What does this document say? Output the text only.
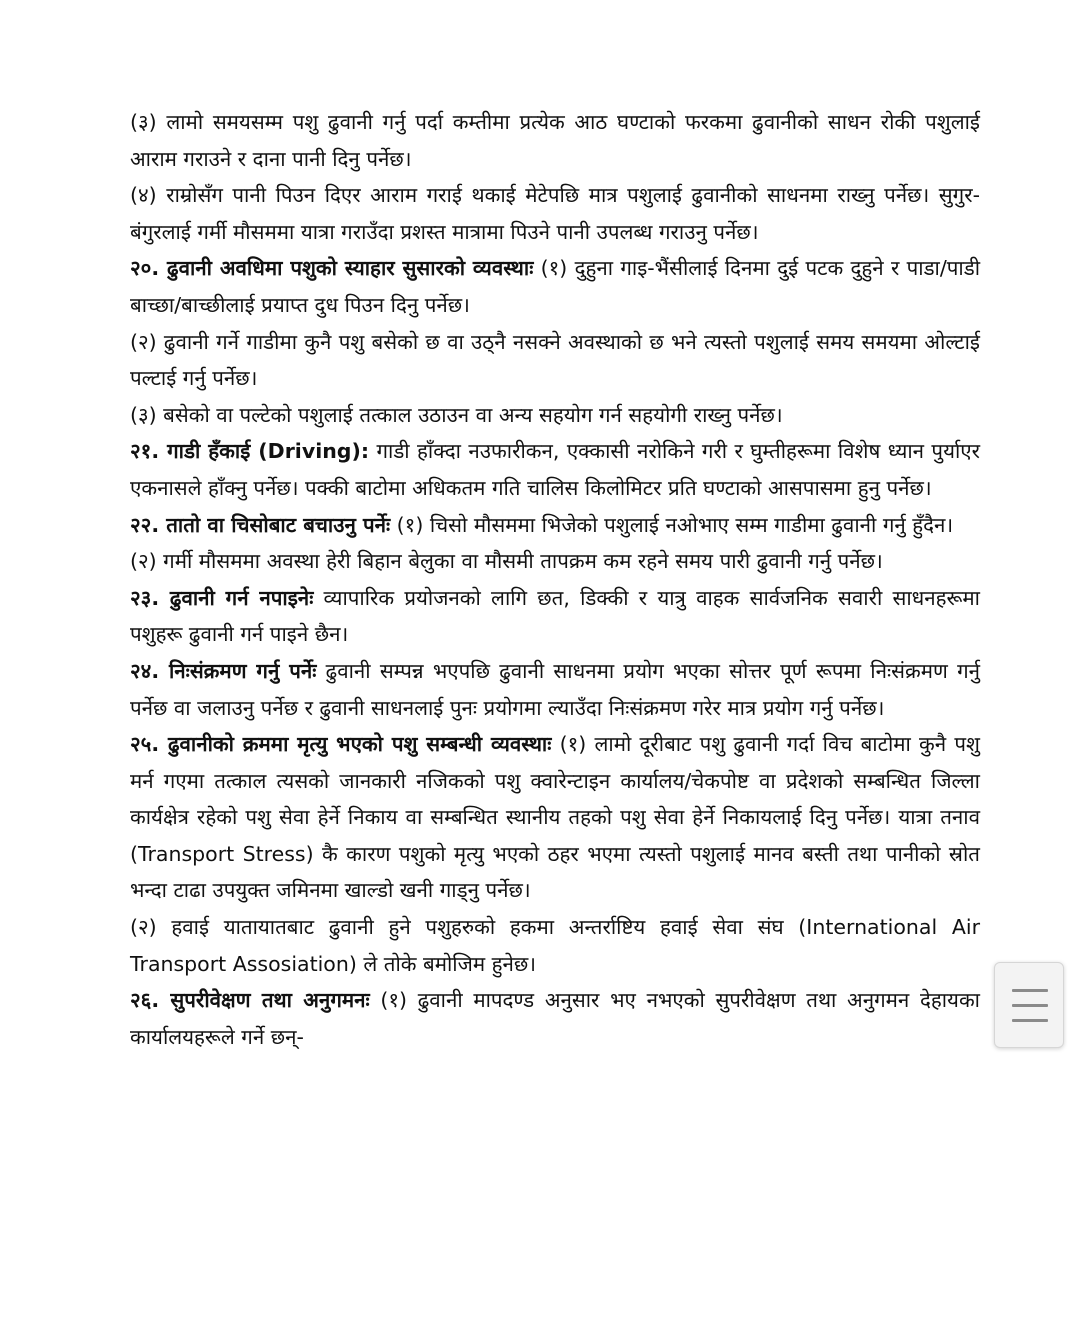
(३) लामो समयसम्म पशु ढुवानी गर्नु पर्दा कम्तीमा प्रत्येक आठ घण्टाको फरकमा ढुवानीको साधन रोकी पशुलाई आराम गराउने र दाना पानी दिनु पर्नेछ।

(४) राम्रोसँग पानी पिउन दिएर आराम गराई थकाई मेटेपछि मात्र पशुलाई ढुवानीको साधनमा राख्नु पर्नेछ। सुगुर-बंगुरलाई गर्मी मौसममा यात्रा गराउँदा प्रशस्त मात्रामा पिउने पानी उपलब्ध गराउनु पर्नेछ।

२०. ढुवानी अवधिमा पशुको स्याहार सुसारको व्यवस्थाः (१) दुहुना गाइ-भैंसीलाई दिनमा दुई पटक दुहुने र पाडा/पाडी बाच्छा/बाच्छीलाई प्रयाप्त दुध पिउन दिनु पर्नेछ।

(२) ढुवानी गर्ने गाडीमा कुनै पशु बसेको छ वा उठ्नै नसक्ने अवस्थाको छ भने त्यस्तो पशुलाई समय समयमा ओल्टाई पल्टाई गर्नु पर्नेछ।

(३) बसेको वा पल्टेको पशुलाई तत्काल उठाउन वा अन्य सहयोग गर्न सहयोगी राख्नु पर्नेछ।

२१. गाडी हँकाई (Driving): गाडी हाँक्दा नउफारीकन, एक्कासी नरोकिने गरी र घुम्तीहरूमा विशेष ध्यान पुर्याएर एकनासले हाँक्नु पर्नेछ। पक्की बाटोमा अधिकतम गति चालिस किलोमिटर प्रति घण्टाको आसपासमा हुनु पर्नेछ।

२२. तातो वा चिसोबाट बचाउनु पर्नेः (१) चिसो मौसममा भिजेको पशुलाई नओभाए सम्म गाडीमा ढुवानी गर्नु हुँदैन।

(२) गर्मी मौसममा अवस्था हेरी बिहान बेलुका वा मौसमी तापक्रम कम रहने समय पारी ढुवानी गर्नु पर्नेछ।

२३. ढुवानी गर्न नपाइनेः व्यापारिक प्रयोजनको लागि छत, डिक्की र यात्रु वाहक सार्वजनिक सवारी साधनहरूमा पशुहरू ढुवानी गर्न पाइने छैन।

२४. निःसंक्रमण गर्नु पर्नेः ढुवानी सम्पन्न भएपछि ढुवानी साधनमा प्रयोग भएका सोत्तर पूर्ण रूपमा निःसंक्रमण गर्नु पर्नेछ वा जलाउनु पर्नेछ र ढुवानी साधनलाई पुनः प्रयोगमा ल्याउँदा निःसंक्रमण गरेर मात्र प्रयोग गर्नु पर्नेछ।

२५. ढुवानीको क्रममा मृत्यु भएको पशु सम्बन्धी व्यवस्थाः (१) लामो दूरीबाट पशु ढुवानी गर्दा विच बाटोमा कुनै पशु मर्न गएमा तत्काल त्यसको जानकारी नजिकको पशु क्वारेन्टाइन कार्यालय/चेकपोष्ट वा प्रदेशको सम्बन्धित जिल्ला कार्यक्षेत्र रहेको पशु सेवा हेर्ने निकाय वा सम्बन्धित स्थानीय तहको पशु सेवा हेर्ने निकायलाई दिनु पर्नेछ। यात्रा तनाव (Transport Stress) कै कारण पशुको मृत्यु भएको ठहर भएमा त्यस्तो पशुलाई मानव बस्ती तथा पानीको स्रोत भन्दा टाढा उपयुक्त जमिनमा खाल्डो खनी गाड्नु पर्नेछ।

(२) हवाई यातायातबाट ढुवानी हुने पशुहरुको हकमा अन्तर्राष्टिय हवाई सेवा संघ (International Air Transport Assosiation) ले तोके बमोजिम हुनेछ।

२६. सुपरीवेक्षण तथा अनुगमनः (१) ढुवानी मापदण्ड अनुसार भए नभएको सुपरीवेक्षण तथा अनुगमन देहायका कार्यालयहरूले गर्ने छन्-
